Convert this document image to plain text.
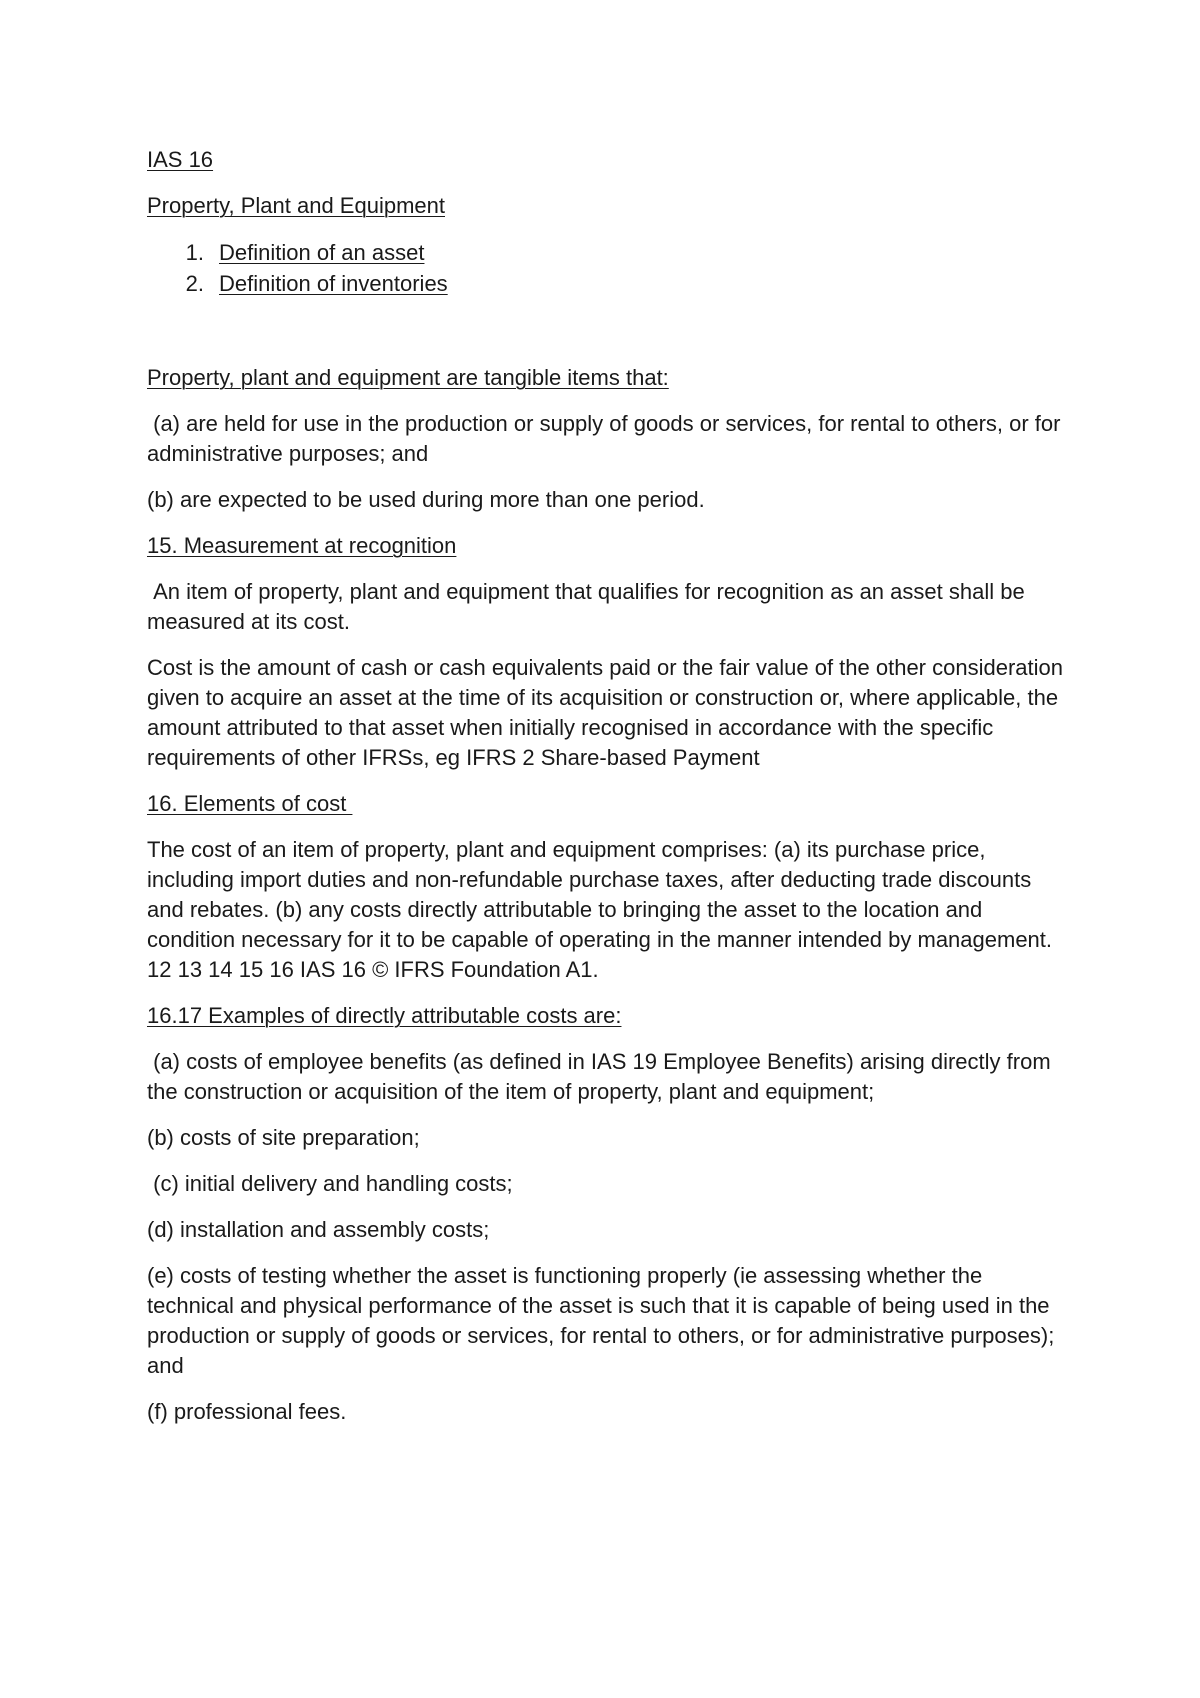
IAS 16

Property, Plant and Equipment

1. Definition of an asset
2. Definition of inventories

Property, plant and equipment are tangible items that:

(a) are held for use in the production or supply of goods or services, for rental to others, or for administrative purposes; and

(b) are expected to be used during more than one period.

15. Measurement at recognition

An item of property, plant and equipment that qualifies for recognition as an asset shall be measured at its cost.

Cost is the amount of cash or cash equivalents paid or the fair value of the other consideration given to acquire an asset at the time of its acquisition or construction or, where applicable, the amount attributed to that asset when initially recognised in accordance with the specific requirements of other IFRSs, eg IFRS 2 Share-based Payment

16. Elements of cost

The cost of an item of property, plant and equipment comprises: (a) its purchase price, including import duties and non-refundable purchase taxes, after deducting trade discounts and rebates. (b) any costs directly attributable to bringing the asset to the location and condition necessary for it to be capable of operating in the manner intended by management. 12 13 14 15 16 IAS 16 © IFRS Foundation A1.

16.17 Examples of directly attributable costs are:

(a) costs of employee benefits (as defined in IAS 19 Employee Benefits) arising directly from the construction or acquisition of the item of property, plant and equipment;

(b) costs of site preparation;

(c) initial delivery and handling costs;

(d) installation and assembly costs;

(e) costs of testing whether the asset is functioning properly (ie assessing whether the technical and physical performance of the asset is such that it is capable of being used in the production or supply of goods or services, for rental to others, or for administrative purposes); and

(f) professional fees.
